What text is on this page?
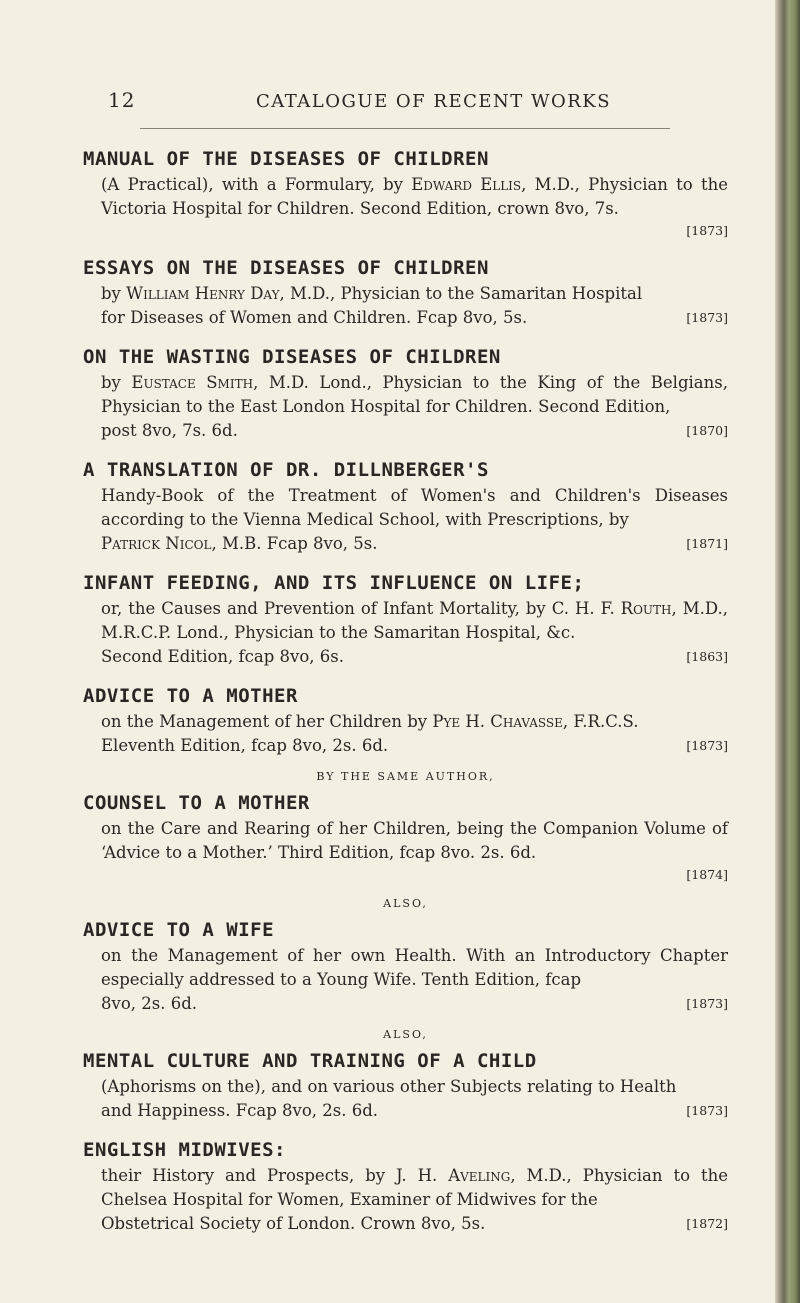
12	CATALOGUE OF RECENT WORKS
MANUAL OF THE DISEASES OF CHILDREN
(A Practical), with a Formulary, by Edward Ellis, M.D., Physician to the Victoria Hospital for Children. Second Edition, crown 8vo, 7s.
[1873]
ESSAYS ON THE DISEASES OF CHILDREN
by William Henry Day, M.D., Physician to the Samaritan Hospital
for Diseases of Women and Children. Fcap 8vo, 5s.	[1873]
ON THE WASTING DISEASES OF CHILDREN
by Eustace Smith, M.D. Lond., Physician to the King of the Belgians, Physician to the East London Hospital for Children. Second Edition,
post 8vo, 7s. 6d.	[1870]
A TRANSLATION OF DR. DILLNBERGER'S
Handy-Book of the Treatment of Women's and Children's Diseases according to the Vienna Medical School, with Prescriptions, by
Patrick Nicol, M.B. Fcap 8vo, 5s.	[1871]
INFANT FEEDING, AND ITS INFLUENCE ON LIFE;
or, the Causes and Prevention of Infant Mortality, by C. H. F. Routh, M.D., M.R.C.P. Lond., Physician to the Samaritan Hospital, &c.
Second Edition, fcap 8vo, 6s.	[1863]
ADVICE TO A MOTHER
on the Management of her Children by Pye H. Chavasse, F.R.C.S.
Eleventh Edition, fcap 8vo, 2s. 6d.	[1873]
BY THE SAME AUTHOR,
COUNSEL TO A MOTHER
on the Care and Rearing of her Children, being the Companion Volume of ‘Advice to a Mother.’ Third Edition, fcap 8vo. 2s. 6d.
[1874]
ALSO,
ADVICE TO A WIFE
on the Management of her own Health. With an Introductory Chapter especially addressed to a Young Wife. Tenth Edition, fcap
8vo, 2s. 6d.	[1873]
ALSO,
MENTAL CULTURE AND TRAINING OF A CHILD
(Aphorisms on the), and on various other Subjects relating to Health
and Happiness. Fcap 8vo, 2s. 6d.	[1873]
ENGLISH MIDWIVES:
their History and Prospects, by J. H. Aveling, M.D., Physician to the Chelsea Hospital for Women, Examiner of Midwives for the
Obstetrical Society of London. Crown 8vo, 5s.	[1872]
